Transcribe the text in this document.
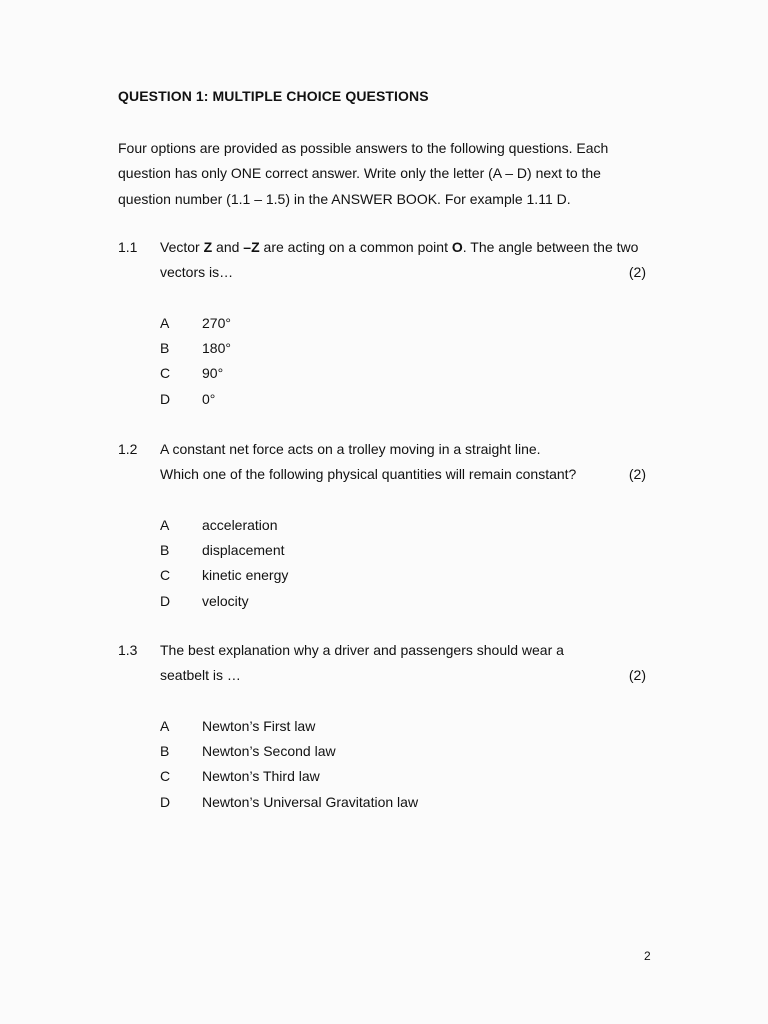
QUESTION 1: MULTIPLE CHOICE QUESTIONS
Four options are provided as possible answers to the following questions. Each
question has only ONE correct answer. Write only the letter (A – D) next to the
question number (1.1 – 1.5) in the ANSWER BOOK. For example 1.11 D.
1.1 Vector Z and –Z are acting on a common point O. The angle between the two
vectors is…	(2)
A 270°
B 180°
C 90°
D 0°
1.2 A constant net force acts on a trolley moving in a straight line.
Which one of the following physical quantities will remain constant?	(2)
A acceleration
B displacement
C kinetic energy
D velocity
1.3 The best explanation why a driver and passengers should wear a
seatbelt is …	(2)
A Newton’s First law
B Newton’s Second law
C Newton’s Third law
D Newton’s Universal Gravitation law
2
